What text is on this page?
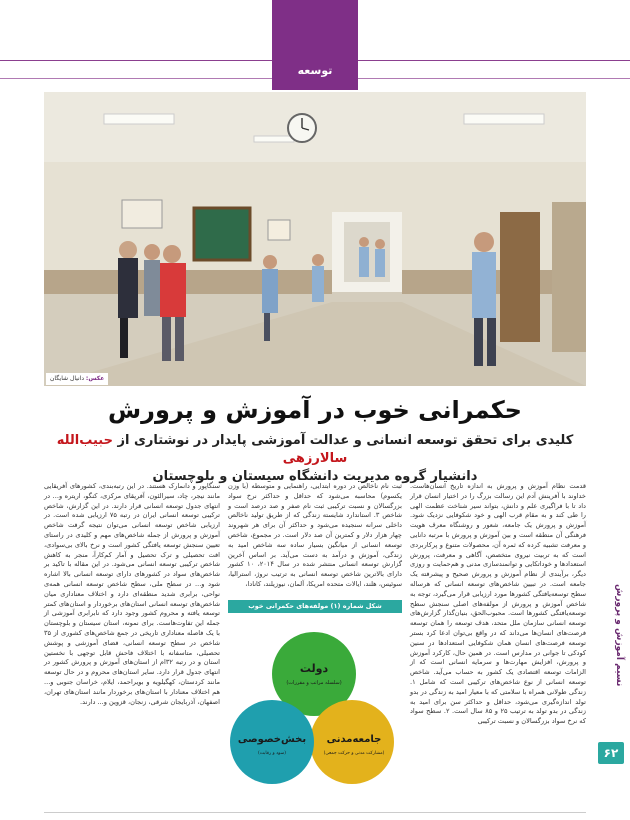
توسعه
عکس: دانیال شایگان
حکمرانی خوب در آموزش و پرورش
کلیدی برای تحقق توسعه انسانی و عدالت آموزشی پایدار در نوشتاری از حبیب‌الله سالارزهی
دانشیار گروه مدیریت دانشگاه سیستان و بلوچستان
قدمت نظام آموزش و پرورش به اندازه تاریخ انسان‌هاست. خداوند با آفرینش آدم این رسالت بزرگ را در اختیار انسان قرار داد تا با فراگیری علم و دانش، بتواند سیر شناخت عظمت الهی را طی کند و به مقام قرب الهی و خود شکوفایی نزدیک شود. آموزش و پرورش یک جامعه، شعور و روشنگاه معرف هویت فرهنگی آن منطقه است و بین آموزش و پرورش با مرتبه دانایی و معرفت تشبیه کرده که ثمره آن، محصولات متنوع و پرکاربردی است که به تربیت نیروی متخصص، آگاهی و معرفت، پرورش استعدادها و خوداتکایی و توانمندسازی مدنی و هم‌حمایت و روزی دیگر، برآیندی از نظام آموزش و پرورش صحیح و پیشرفته یک جامعه است. در تبیین شاخص‌های توسعه انسانی که هرساله سطح توسعه‌یافتگی کشورها مورد ارزیابی قرار می‌گیرد، توجه به شاخص آموزش و پرورش از مولفه‌های اصلی سنجش سطح توسعه‌یافتگی کشورها است. محبوب‌الحق، بنیان‌گذار گزارش‌های توسعه انسانی سازمان ملل متحد، هدف توسعه را همان توسعه فرصت‌های انسان‌ها می‌داند که در واقع بی‌توان ادعا کرد بستر توسعه فرصت‌های انسان همان شکوفایی استعدادها در سنین کودکی تا جوانی در مدارس است. در همین حال، کارکرد آموزش و پرورش، افزایش مهارت‌ها و سرمایه انسانی است که از الزامات توسعه اقتصادی یک کشور به حساب می‌آید. شاخص توسعه انسانی از نوع شاخص‌های ترکیبی است که شامل ۱. زندگی طولانی همراه با سلامتی که با معیار امید به زندگی در بدو تولد اندازه‌گیری می‌شود، حداقل و حداکثر سن برای امید به زندگی در بدو تولد به ترتیب ۲۵ و ۸۵ سال است. ۲. سطح سواد که نرخ سواد بزرگسالان و نسبت ترکیبی
ثبت نام ناخالص در دوره ابتدایی، راهنمایی و متوسطه (با وزن یکسوم) محاسبه می‌شود که حداقل و حداکثر نرخ سواد بزرگسالان و نسبت ترکیبی ثبت نام صفر و صد درصد است و شاخص ۳. استاندارد شایسته زندگی که از طریق تولید ناخالص داخلی سرانه سنجیده می‌شود و حداکثر آن برای هر شهروند چهار هزار دلار و کمترین آن صد دلار است. در مجموع، شاخص توسعه انسانی از میانگین بسیار ساده سه شاخص امید به زندگی، آموزش و درآمد به دست می‌آید. بر اساس آخرین گزارش توسعه انسانی منتشر شده در سال ۲۰۱۴، ۱۰ کشور دارای بالاترین شاخص توسعه انسانی به ترتیب نروژ، استرالیا، سوئیس، هلند، ایالات متحده امریکا، آلمان، نیوزیلند، کانادا،
سنگاپور و دانمارک هستند. در این رتبه‌بندی، کشورهای آفریقایی مانند نیجر، چاد، سیرالئون، آفریقای مرکزی، کنگو، اریتره و... در انتهای جدول توسعه انسانی قرار دارند. در این گزارش، شاخص ترکیبی توسعه انسانی ایران در رتبه ۷۵ ارزیابی شده است. در ارزیابی شاخص توسعه انسانی می‌توان نتیجه گرفت شاخص آموزش و پرورش از جمله شاخص‌های مهم و کلیدی در راستای تعیین سنجش توسعه یافتگی کشور است و نرخ بالای بی‌سوادی، افت تحصیلی و ترک تحصیل و آمار کم‌کارآ، منجر به کاهش شاخص ترکیبی توسعه انسانی می‌شود. در این مقاله با تاکید بر شاخص‌های سواد در کشورهای دارای توسعه انسانی بالا اشاره شود و... در سطح ملی، سطح شاخص توسعه انسانی همه‌ی نواحی، برابری شدید منطقه‌ای دارد و اختلاف معناداری میان شاخص‌های توسعه انسانی استان‌های برخوردار و استان‌های کمتر توسعه یافته و محروم کشور وجود دارد که نابرابری آموزشی از جمله این تفاوت‌هاست. برای نمونه، استان سیستان و بلوچستان با یک فاصله معناداری تاریخی در جمع شاخص‌های کشوری از ۳۵ شاخص در سطح توسعه انسانی، فضای آموزشی و پوشش تحصیلی، متاسفانه با اختلاف فاحش قابل توجهی با نخستین استان و در رتبه ۳۲ام از استان‌های آموزش و پرورش کشور در انتهای جدول قرار دارد. سایر استان‌های محروم و در حال توسعه مانند کردستان، کهگیلویه و بویراحمد، ایلام، خراسان جنوبی و... هم اختلاف معنادار با استان‌های برخوردار مانند استان‌های تهران، اصفهان، آذربایجان شرقی، زنجان، قزوین و... دارند.
شکل شماره (۱) مولفه‌های حکمرانی خوب
دولت
(سلسله مراتب و مقررات)
جامعه‌مدنی
(مشارکت مدنی و حرکت جمعی)
بخش‌خصوصی
(سود و رقابت)
نسیم آموزش و پرورش
۶۲
